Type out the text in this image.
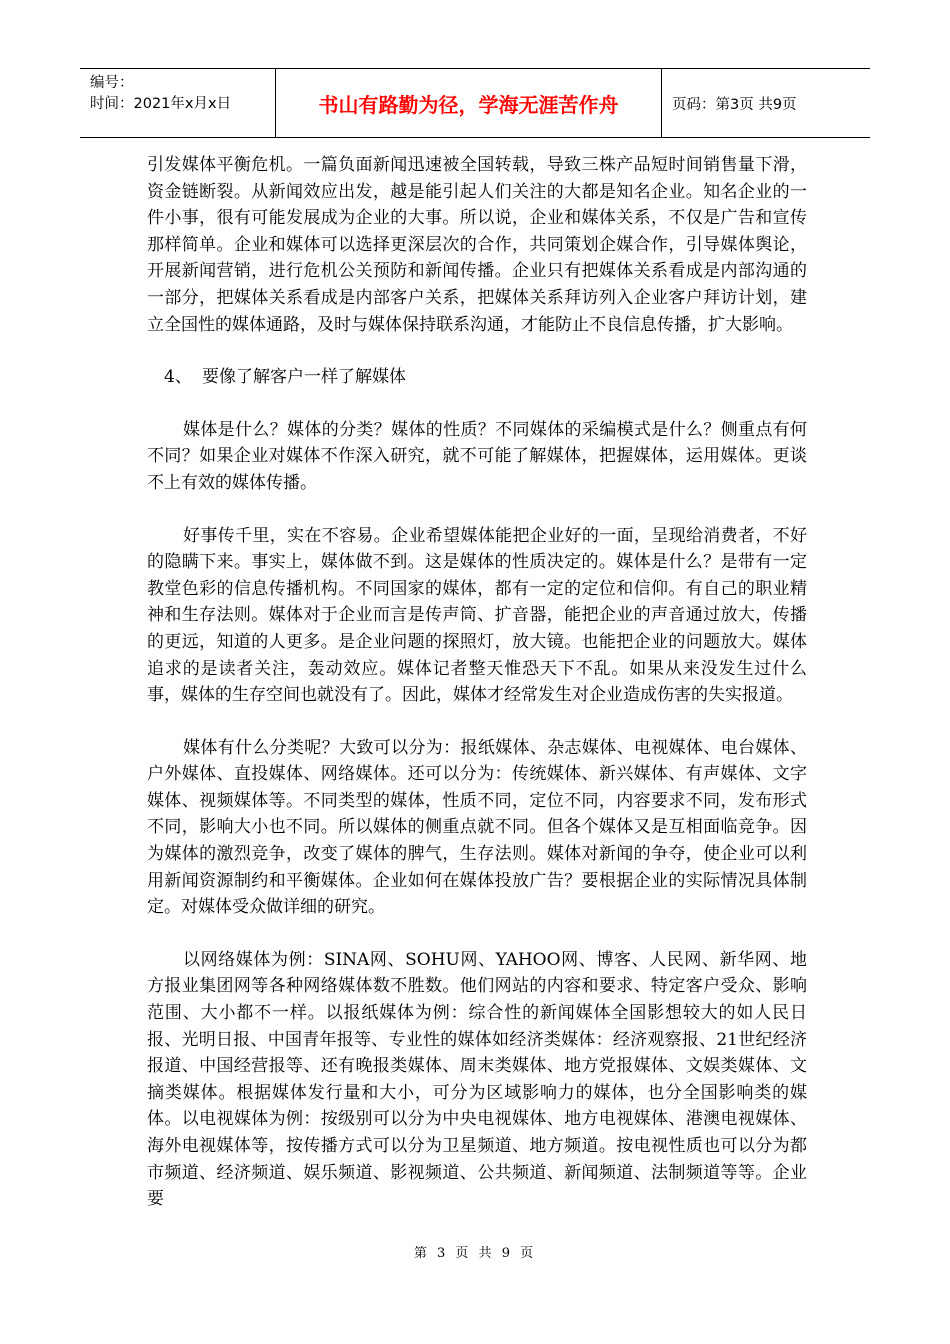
编号：
时间：2021年x月x日	书山有路勤为径，学海无涯苦作舟	页码：第3页 共9页

引发媒体平衡危机。一篇负面新闻迅速被全国转载，导致三株产品短时间销售量下滑，资金链断裂。从新闻效应出发，越是能引起人们关注的大都是知名企业。知名企业的一件小事，很有可能发展成为企业的大事。所以说，企业和媒体关系，不仅是广告和宣传那样简单。企业和媒体可以选择更深层次的合作，共同策划企媒合作，引导媒体舆论，开展新闻营销，进行危机公关预防和新闻传播。企业只有把媒体关系看成是内部沟通的一部分，把媒体关系看成是内部客户关系，把媒体关系拜访列入企业客户拜访计划，建立全国性的媒体通路，及时与媒体保持联系沟通，才能防止不良信息传播，扩大影响。

4、 要像了解客户一样了解媒体

媒体是什么？媒体的分类？媒体的性质？不同媒体的采编模式是什么？侧重点有何不同？如果企业对媒体不作深入研究，就不可能了解媒体，把握媒体，运用媒体。更谈不上有效的媒体传播。

好事传千里，实在不容易。企业希望媒体能把企业好的一面，呈现给消费者，不好的隐瞒下来。事实上，媒体做不到。这是媒体的性质决定的。媒体是什么？是带有一定教堂色彩的信息传播机构。不同国家的媒体，都有一定的定位和信仰。有自己的职业精神和生存法则。媒体对于企业而言是传声筒、扩音器，能把企业的声音通过放大，传播的更远，知道的人更多。是企业问题的探照灯，放大镜。也能把企业的问题放大。媒体追求的是读者关注，轰动效应。媒体记者整天惟恐天下不乱。如果从来没发生过什么事，媒体的生存空间也就没有了。因此，媒体才经常发生对企业造成伤害的失实报道。

媒体有什么分类呢？大致可以分为：报纸媒体、杂志媒体、电视媒体、电台媒体、户外媒体、直投媒体、网络媒体。还可以分为：传统媒体、新兴媒体、有声媒体、文字媒体、视频媒体等。不同类型的媒体，性质不同，定位不同，内容要求不同，发布形式不同，影响大小也不同。所以媒体的侧重点就不同。但各个媒体又是互相面临竞争。因为媒体的激烈竞争，改变了媒体的脾气，生存法则。媒体对新闻的争夺，使企业可以利用新闻资源制约和平衡媒体。企业如何在媒体投放广告？要根据企业的实际情况具体制定。对媒体受众做详细的研究。

以网络媒体为例：SINA网、SOHU网、YAHOO网、博客、人民网、新华网、地方报业集团网等各种网络媒体数不胜数。他们网站的内容和要求、特定客户受众、影响范围、大小都不一样。以报纸媒体为例：综合性的新闻媒体全国影想较大的如人民日报、光明日报、中国青年报等、专业性的媒体如经济类媒体：经济观察报、21世纪经济报道、中国经营报等、还有晚报类媒体、周末类媒体、地方党报媒体、文娱类媒体、文摘类媒体。根据媒体发行量和大小，可分为区域影响力的媒体，也分全国影响类的媒体。以电视媒体为例：按级别可以分为中央电视媒体、地方电视媒体、港澳电视媒体、海外电视媒体等，按传播方式可以分为卫星频道、地方频道。按电视性质也可以分为都市频道、经济频道、娱乐频道、影视频道、公共频道、新闻频道、法制频道等等。企业要

第 3 页 共 9 页
